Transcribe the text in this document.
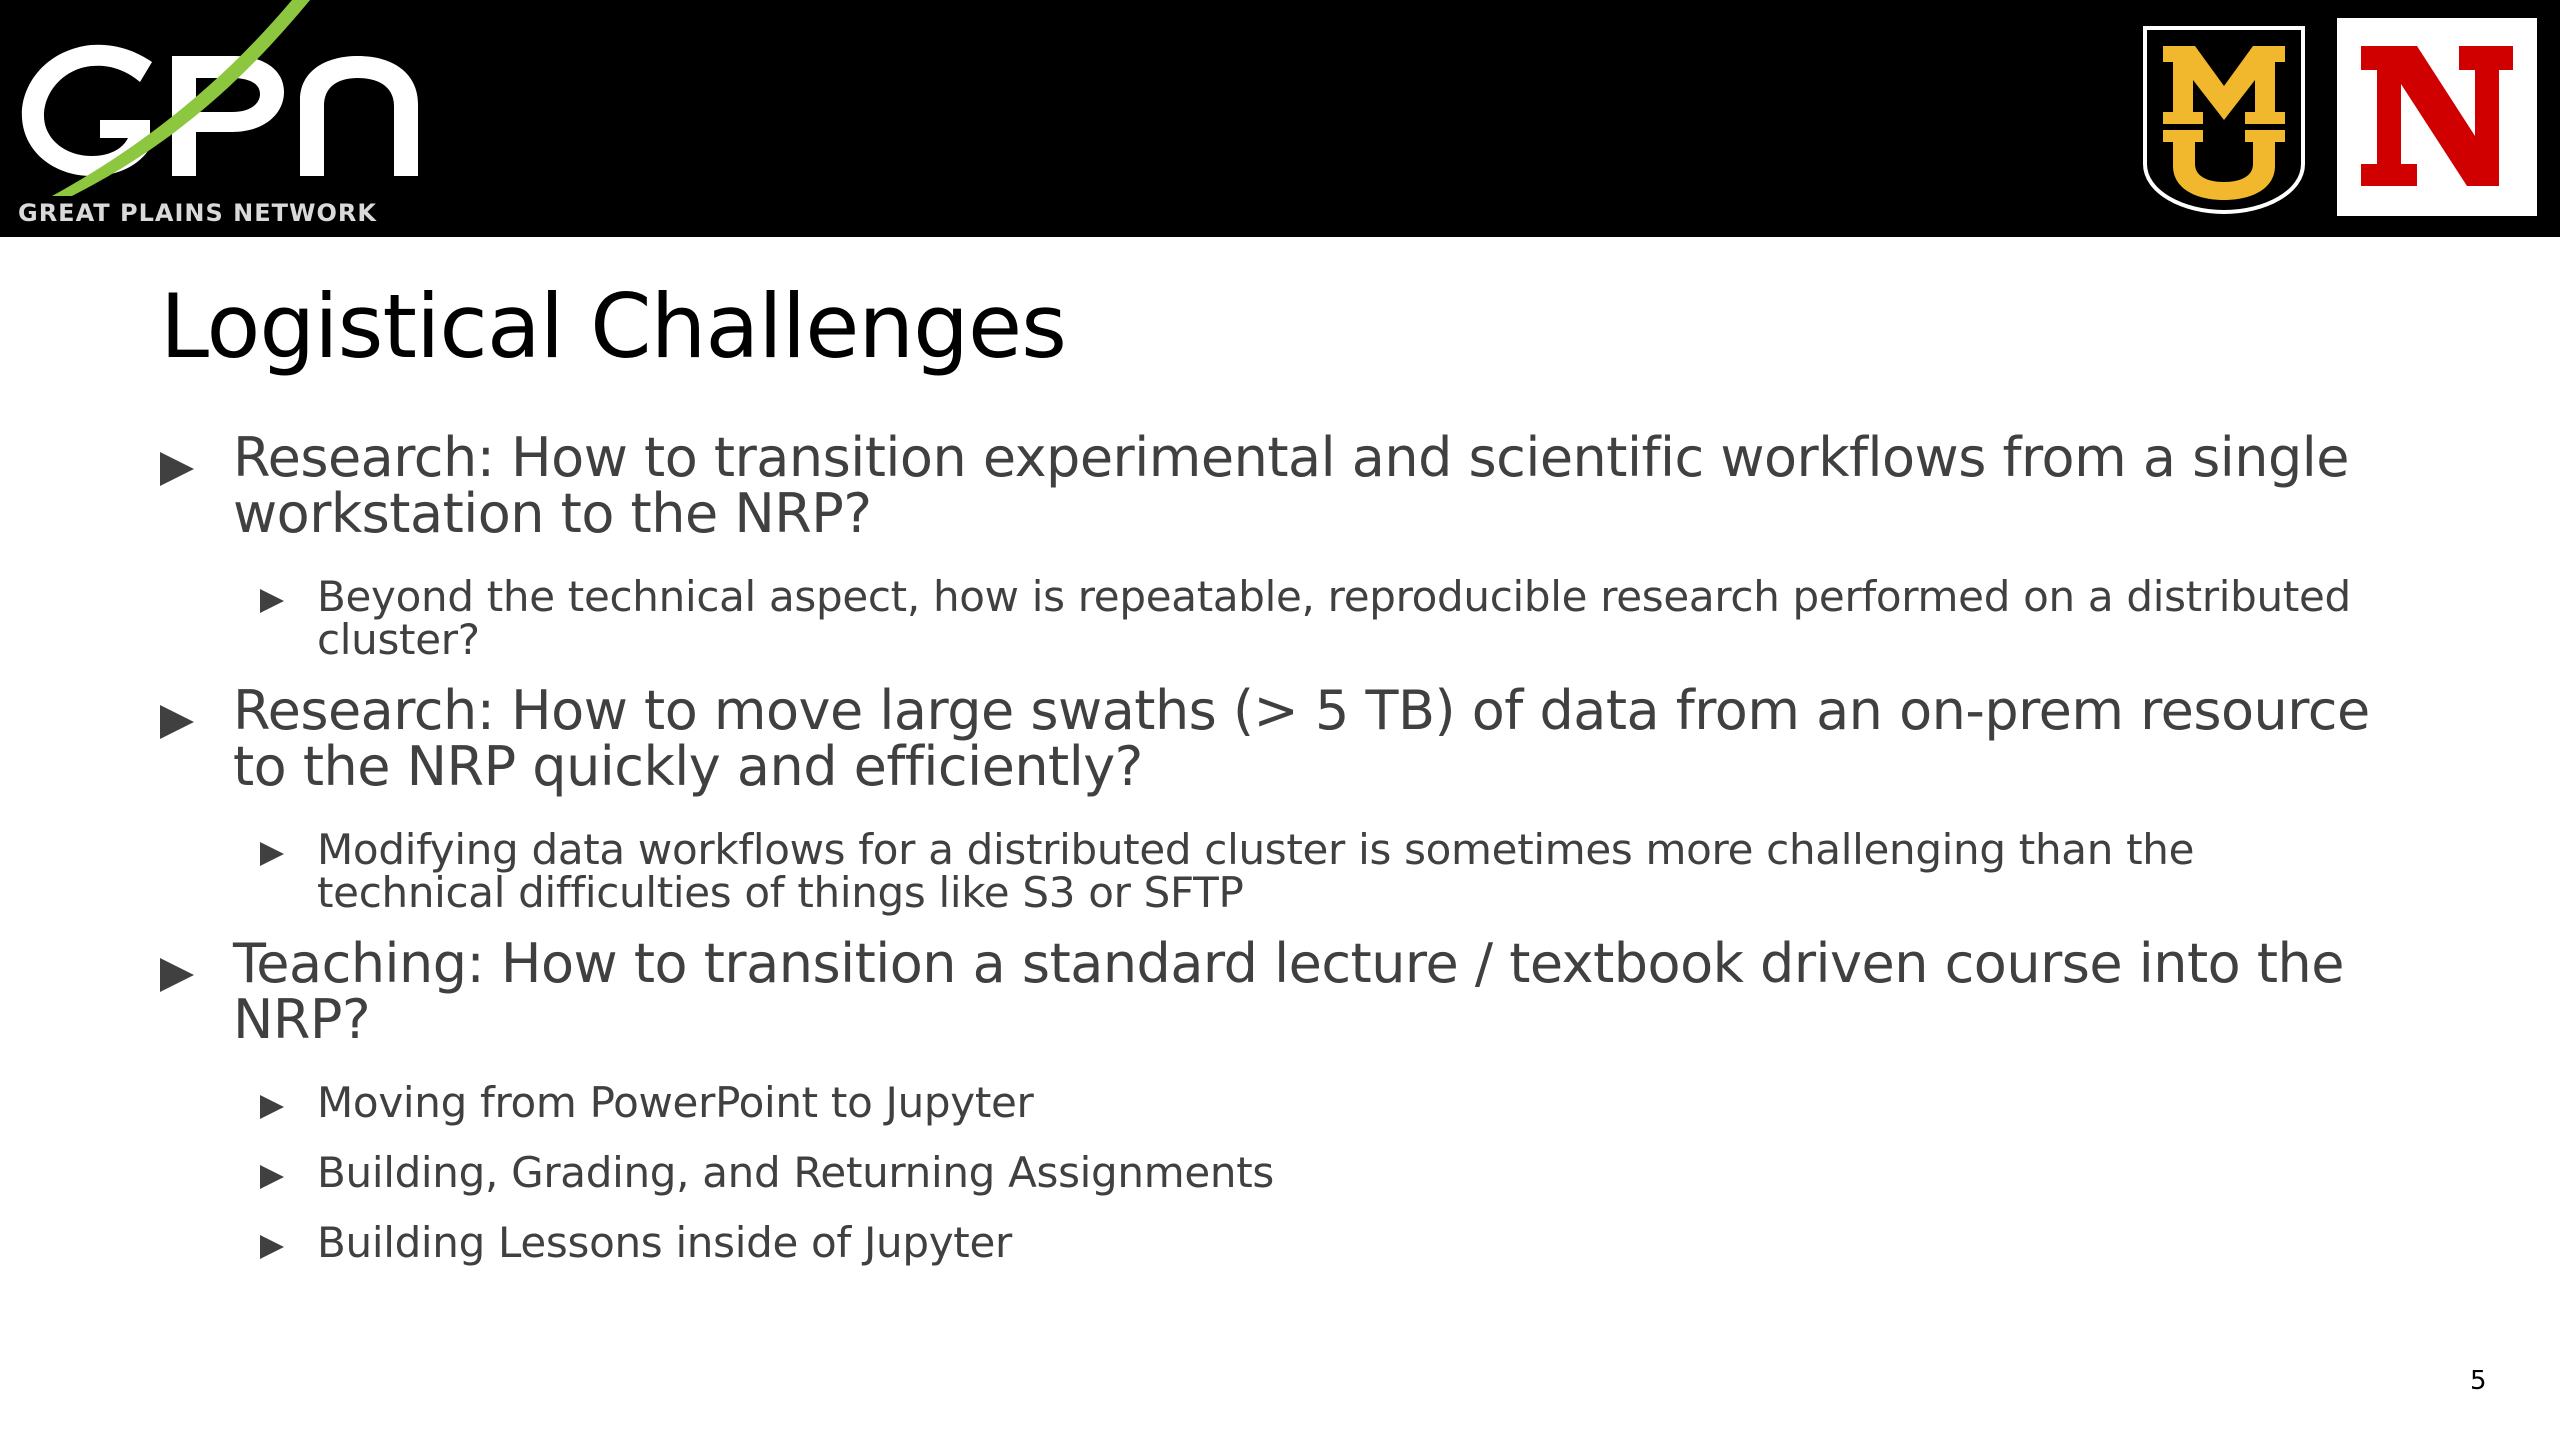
GREAT PLAINS NETWORK
Logistical Challenges
Research: How to transition experimental and scientific workflows from a single workstation to the NRP?
Beyond the technical aspect, how is repeatable, reproducible research performed on a distributed cluster?
Research: How to move large swaths (> 5 TB) of data from an on-prem resource to the NRP quickly and efficiently?
Modifying data workflows for a distributed cluster is sometimes more challenging than the technical difficulties of things like S3 or SFTP
Teaching: How to transition a standard lecture / textbook driven course into the NRP?
Moving from PowerPoint to Jupyter
Building, Grading, and Returning Assignments
Building Lessons inside of Jupyter
5
